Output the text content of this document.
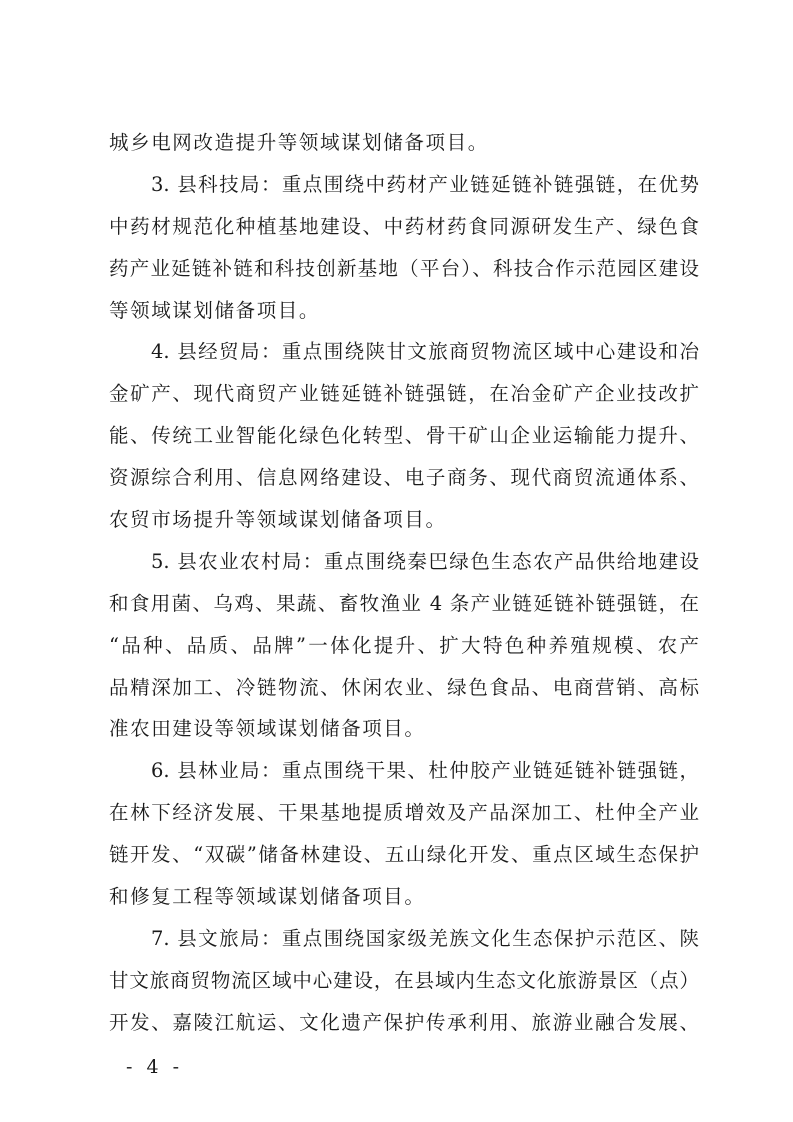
城乡电网改造提升等领域谋划储备项目。
3. 县科技局：重点围绕中药材产业链延链补链强链，在优势
中药材规范化种植基地建设、中药材药食同源研发生产、绿色食
药产业延链补链和科技创新基地（平台）、科技合作示范园区建设
等领域谋划储备项目。
4. 县经贸局：重点围绕陕甘文旅商贸物流区域中心建设和冶
金矿产、现代商贸产业链延链补链强链，在冶金矿产企业技改扩
能、传统工业智能化绿色化转型、骨干矿山企业运输能力提升、
资源综合利用、信息网络建设、电子商务、现代商贸流通体系、
农贸市场提升等领域谋划储备项目。
5. 县农业农村局：重点围绕秦巴绿色生态农产品供给地建设
和食用菌、乌鸡、果蔬、畜牧渔业 4 条产业链延链补链强链，在
“品种、品质、品牌”一体化提升、扩大特色种养殖规模、农产
品精深加工、冷链物流、休闲农业、绿色食品、电商营销、高标
准农田建设等领域谋划储备项目。
6. 县林业局：重点围绕干果、杜仲胶产业链延链补链强链，
在林下经济发展、干果基地提质增效及产品深加工、杜仲全产业
链开发、“双碳”储备林建设、五山绿化开发、重点区域生态保护
和修复工程等领域谋划储备项目。
7. 县文旅局：重点围绕国家级羌族文化生态保护示范区、陕
甘文旅商贸物流区域中心建设，在县域内生态文化旅游景区（点）
开发、嘉陵江航运、文化遗产保护传承利用、旅游业融合发展、
- 4 -
